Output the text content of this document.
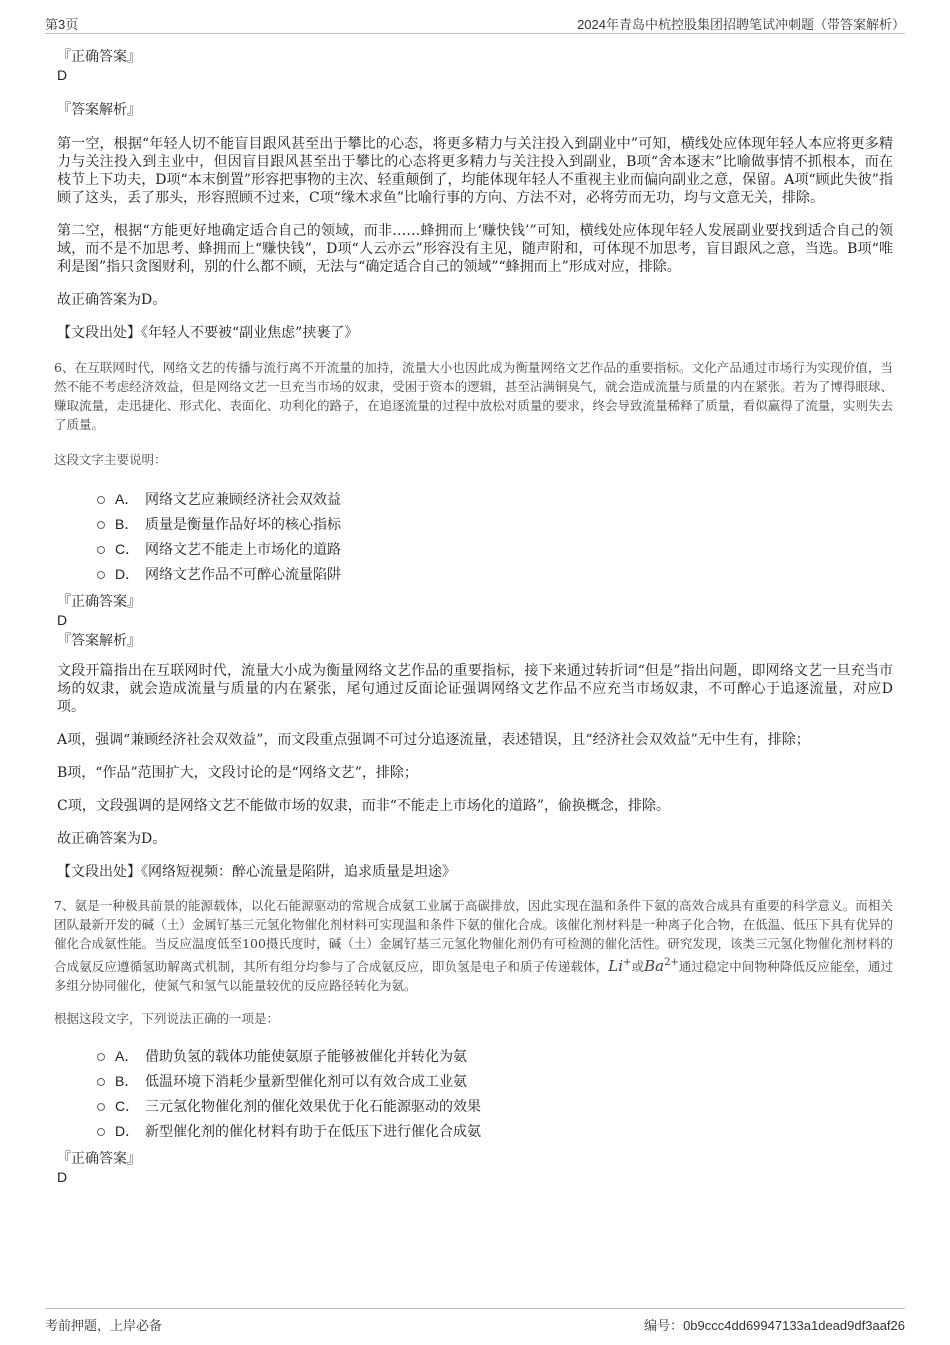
第3页	2024年青岛中杭控股集团招聘笔试冲刺题（带答案解析）
『正确答案』
D
『答案解析』

第一空，根据“年轻人切不能盲目跟风甚至出于攀比的心态，将更多精力与关注投入到副业中”可知，横线处应体现年轻人本应将更多精力与关注投入到主业中，但因盲目跟风甚至出于攀比的心态将更多精力与关注投入到副业，B项“舍本逐末”比喻做事情不抓根本，而在枝节上下功夫，D项“本末倒置”形容把事物的主次、轻重颠倒了，均能体现年轻人不重视主业而偏向副业之意，保留。A项“顾此失彼”指顾了这头，丢了那头，形容照顾不过来，C项“缘木求鱼”比喻行事的方向、方法不对，必将劳而无功，均与文意无关，排除。

第二空，根据“方能更好地确定适合自己的领域，而非……蜂拥而上‘赚快钱’”可知，横线处应体现年轻人发展副业要找到适合自己的领域，而不是不加思考、蜂拥而上“赚快钱”，D项“人云亦云”形容没有主见，随声附和，可体现不加思考，盲目跟风之意，当选。B项“唯利是图”指只贪图财利，别的什么都不顾，无法与“确定适合自己的领域”“蜂拥而上”形成对应，排除。

故正确答案为D。

【文段出处】《年轻人不要被“副业焦虑”挟裹了》

6、在互联网时代，网络文艺的传播与流行离不开流量的加持，流量大小也因此成为衡量网络文艺作品的重要指标。文化产品通过市场行为实现价值，当然不能不考虑经济效益，但是网络文艺一旦充当市场的奴隶，受困于资本的逻辑，甚至沾满铜臭气，就会造成流量与质量的内在紧张。若为了博得眼球、赚取流量，走迅捷化、形式化、表面化、功利化的路子，在追逐流量的过程中放松对质量的要求，终会导致流量稀释了质量，看似赢得了流量，实则失去了质量。

这段文字主要说明：

A． 网络文艺应兼顾经济社会双效益
B． 质量是衡量作品好坏的核心指标
C． 网络文艺不能走上市场化的道路
D． 网络文艺作品不可醉心流量陷阱
『正确答案』
D
『答案解析』

文段开篇指出在互联网时代，流量大小成为衡量网络文艺作品的重要指标，接下来通过转折词“但是”指出问题，即网络文艺一旦充当市场的奴隶，就会造成流量与质量的内在紧张，尾句通过反面论证强调网络文艺作品不应充当市场奴隶，不可醉心于追逐流量，对应D项。

A项，强调“兼顾经济社会双效益”，而文段重点强调不可过分追逐流量，表述错误，且“经济社会双效益”无中生有，排除；

B项，“作品”范围扩大，文段讨论的是“网络文艺”，排除；

C项，文段强调的是网络文艺不能做市场的奴隶，而非“不能走上市场化的道路”，偷换概念，排除。

故正确答案为D。

【文段出处】《网络短视频：醉心流量是陷阱，追求质量是坦途》

7、氨是一种极具前景的能源载体，以化石能源驱动的常规合成氨工业属于高碳排放，因此实现在温和条件下氨的高效合成具有重要的科学意义。而相关团队最新开发的碱（土）金属钌基三元氢化物催化剂材料可实现温和条件下氨的催化合成。该催化剂材料是一种离子化合物，在低温、低压下具有优异的催化合成氨性能。当反应温度低至100摄氏度时，碱（土）金属钌基三元氢化物催化剂仍有可检测的催化活性。研究发现，该类三元氢化物催化剂材料的合成氨反应遵循氢助解离式机制，其所有组分均参与了合成氨反应，即负氢是电子和质子传递载体，Li+或$Ba^{2+}$通过稳定中间物种降低反应能垒，通过多组分协同催化，使氮气和氢气以能量较优的反应路径转化为氨。

根据这段文字，下列说法正确的一项是：

A． 借助负氢的载体功能使氨原子能够被催化并转化为氨
B． 低温环境下消耗少量新型催化剂可以有效合成工业氨
C． 三元氢化物催化剂的催化效果优于化石能源驱动的效果
D． 新型催化剂的催化材料有助于在低压下进行催化合成氨
『正确答案』
D
考前押题，上岸必备	编号：0b9ccc4dd69947133a1dead9df3aaf26
